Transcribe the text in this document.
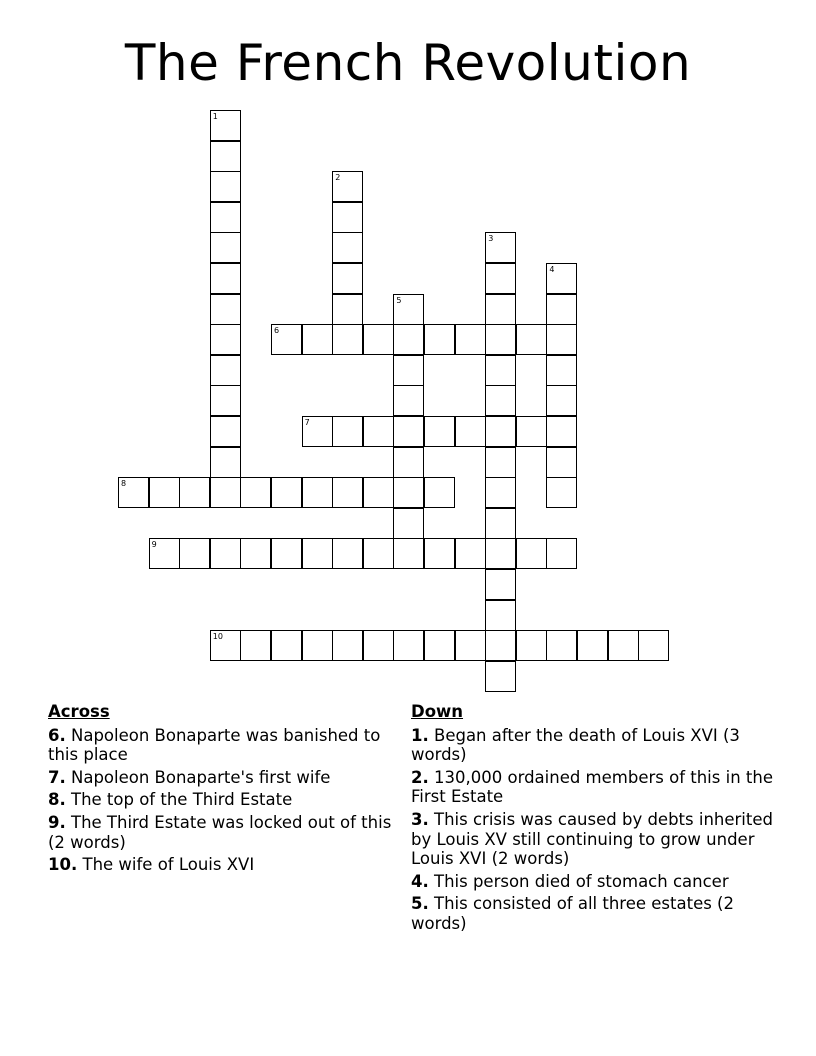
The French Revolution
1
2
3
4
5
6
7
8
9
10
Across
6. Napoleon Bonaparte was banished to this place
7. Napoleon Bonaparte's first wife
8. The top of the Third Estate
9. The Third Estate was locked out of this (2 words)
10. The wife of Louis XVI
Down
1. Began after the death of Louis XVI (3 words)
2. 130,000 ordained members of this in the First Estate
3. This crisis was caused by debts inherited by Louis XV still continuing to grow under Louis XVI (2 words)
4. This person died of stomach cancer
5. This consisted of all three estates (2 words)
